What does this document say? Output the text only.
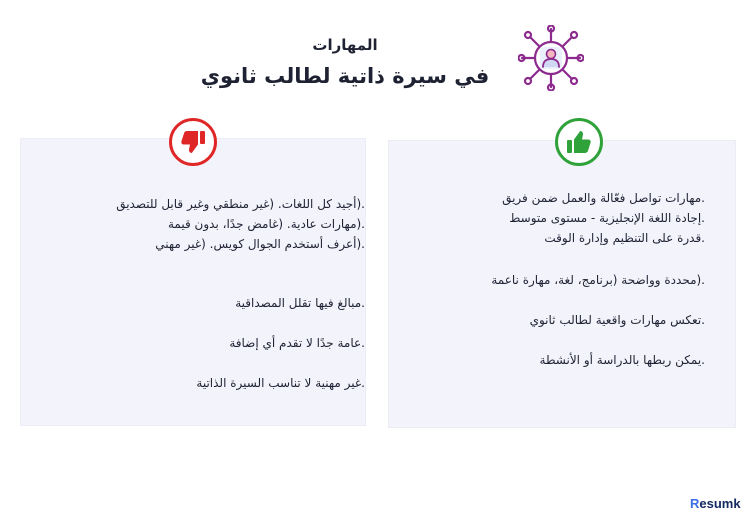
المهارات
في سيرة ذاتية لطالب ثانوي
.(أجيد كل اللغات. (غير منطقي وغير قابل للتصديق
.(مهارات عادية. (غامض جدًا، بدون قيمة
.(أعرف أستخدم الجوال كويس. (غير مهني
.مبالغ فيها تقلل المصداقية
.عامة جدًا لا تقدم أي إضافة
.غير مهنية لا تناسب السيرة الذاتية
.مهارات تواصل فعّالة والعمل ضمن فريق
.إجادة اللغة الإنجليزية - مستوى متوسط
.قدرة على التنظيم وإدارة الوقت
.(محددة وواضحة (برنامج، لغة، مهارة ناعمة
.تعكس مهارات واقعية لطالب ثانوي
.يمكن ربطها بالدراسة أو الأنشطة
Resumk
